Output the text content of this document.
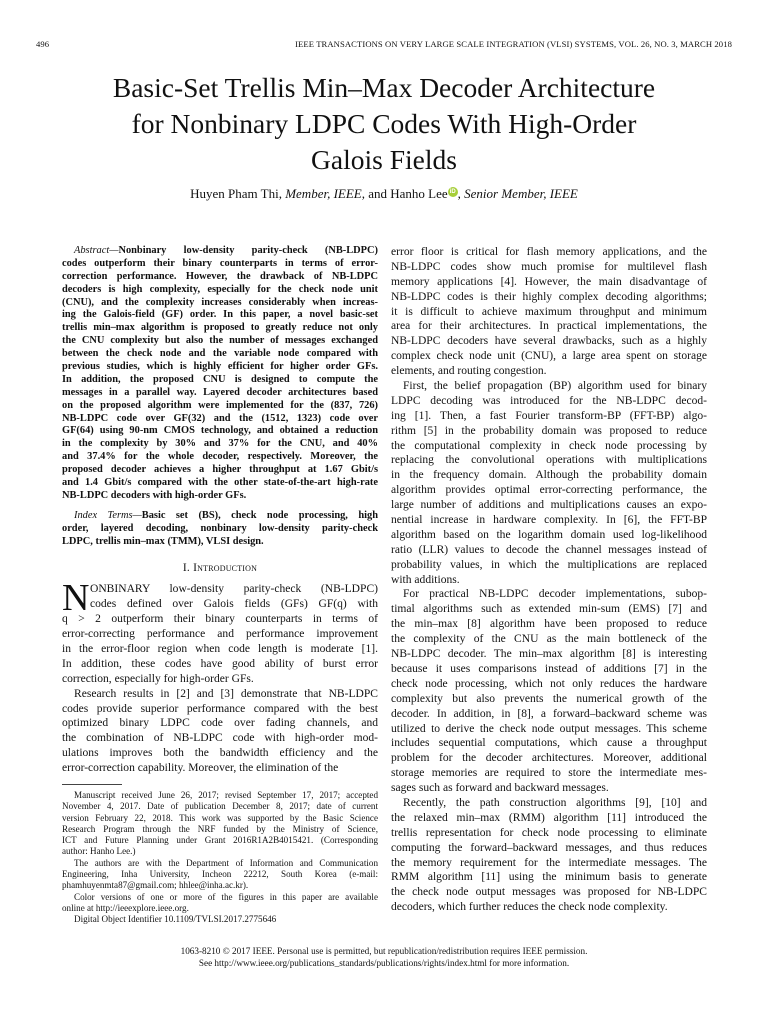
496	IEEE TRANSACTIONS ON VERY LARGE SCALE INTEGRATION (VLSI) SYSTEMS, VOL. 26, NO. 3, MARCH 2018
Basic-Set Trellis Min–Max Decoder Architecture
for Nonbinary LDPC Codes With High-Order
Galois Fields
Huyen Pham Thi, Member, IEEE, and Hanho Lee iD , Senior Member, IEEE
Abstract—Nonbinary low-density parity-check (NB-LDPC)
codes outperform their binary counterparts in terms of error-
correction performance. However, the drawback of NB-LDPC
decoders is high complexity, especially for the check node unit
(CNU), and the complexity increases considerably when increas-
ing the Galois-field (GF) order. In this paper, a novel basic-set
trellis min–max algorithm is proposed to greatly reduce not only
the CNU complexity but also the number of messages exchanged
between the check node and the variable node compared with
previous studies, which is highly efficient for higher order GFs.
In addition, the proposed CNU is designed to compute the
messages in a parallel way. Layered decoder architectures based
on the proposed algorithm were implemented for the (837, 726)
NB-LDPC code over GF(32) and the (1512, 1323) code over
GF(64) using 90-nm CMOS technology, and obtained a reduction
in the complexity by 30% and 37% for the CNU, and 40%
and 37.4% for the whole decoder, respectively. Moreover, the
proposed decoder achieves a higher throughput at 1.67 Gbit/s
and 1.4 Gbit/s compared with the other state-of-the-art high-rate
NB-LDPC decoders with high-order GFs.
Index Terms—Basic set (BS), check node processing, high
order, layered decoding, nonbinary low-density parity-check
LDPC, trellis min–max (TMM), VLSI design.
I. Introduction
N ONBINARY low-density parity-check (NB-LDPC)
codes defined over Galois fields (GFs) GF(q) with
q > 2 outperform their binary counterparts in terms of
error-correcting performance and performance improvement
in the error-floor region when code length is moderate [1].
In addition, these codes have good ability of burst error
correction, especially for high-order GFs.
Research results in [2] and [3] demonstrate that NB-LDPC
codes provide superior performance compared with the best
optimized binary LDPC code over fading channels, and
the combination of NB-LDPC code with high-order mod-
ulations improves both the bandwidth efficiency and the
error-correction capability. Moreover, the elimination of the
Manuscript received June 26, 2017; revised September 17, 2017; accepted
November 4, 2017. Date of publication December 8, 2017; date of current
version February 22, 2018. This work was supported by the Basic Science
Research Program through the NRF funded by the Ministry of Science,
ICT and Future Planning under Grant 2016R1A2B4015421. (Corresponding
author: Hanho Lee.)
The authors are with the Department of Information and Communication
Engineering, Inha University, Incheon 22212, South Korea (e-mail:
phamhuyenmta87@gmail.com; hhlee@inha.ac.kr).
Color versions of one or more of the figures in this paper are available
online at http://ieeexplore.ieee.org.
Digital Object Identifier 10.1109/TVLSI.2017.2775646
error floor is critical for flash memory applications, and the
NB-LDPC codes show much promise for multilevel flash
memory applications [4]. However, the main disadvantage of
NB-LDPC codes is their highly complex decoding algorithms;
it is difficult to achieve maximum throughput and minimum
area for their architectures. In practical implementations, the
NB-LDPC decoders have several drawbacks, such as a highly
complex check node unit (CNU), a large area spent on storage
elements, and routing congestion.
First, the belief propagation (BP) algorithm used for binary
LDPC decoding was introduced for the NB-LDPC decod-
ing [1]. Then, a fast Fourier transform-BP (FFT-BP) algo-
rithm [5] in the probability domain was proposed to reduce
the computational complexity in check node processing by
replacing the convolutional operations with multiplications
in the frequency domain. Although the probability domain
algorithm provides optimal error-correcting performance, the
large number of additions and multiplications causes an expo-
nential increase in hardware complexity. In [6], the FFT-BP
algorithm based on the logarithm domain used log-likelihood
ratio (LLR) values to decode the channel messages instead of
probability values, in which the multiplications are replaced
with additions.
For practical NB-LDPC decoder implementations, subop-
timal algorithms such as extended min-sum (EMS) [7] and
the min–max [8] algorithm have been proposed to reduce
the complexity of the CNU as the main bottleneck of the
NB-LDPC decoder. The min–max algorithm [8] is interesting
because it uses comparisons instead of additions [7] in the
check node processing, which not only reduces the hardware
complexity but also prevents the numerical growth of the
decoder. In addition, in [8], a forward–backward scheme was
utilized to derive the check node output messages. This scheme
includes sequential computations, which cause a throughput
problem for the decoder architectures. Moreover, additional
storage memories are required to store the intermediate mes-
sages such as forward and backward messages.
Recently, the path construction algorithms [9], [10] and
the relaxed min–max (RMM) algorithm [11] introduced the
trellis representation for check node processing to eliminate
computing the forward–backward messages, and thus reduces
the memory requirement for the intermediate messages. The
RMM algorithm [11] using the minimum basis to generate
the check node output messages was proposed for NB-LDPC
decoders, which further reduces the check node complexity.
1063-8210 © 2017 IEEE. Personal use is permitted, but republication/redistribution requires IEEE permission.
See http://www.ieee.org/publications_standards/publications/rights/index.html for more information.
